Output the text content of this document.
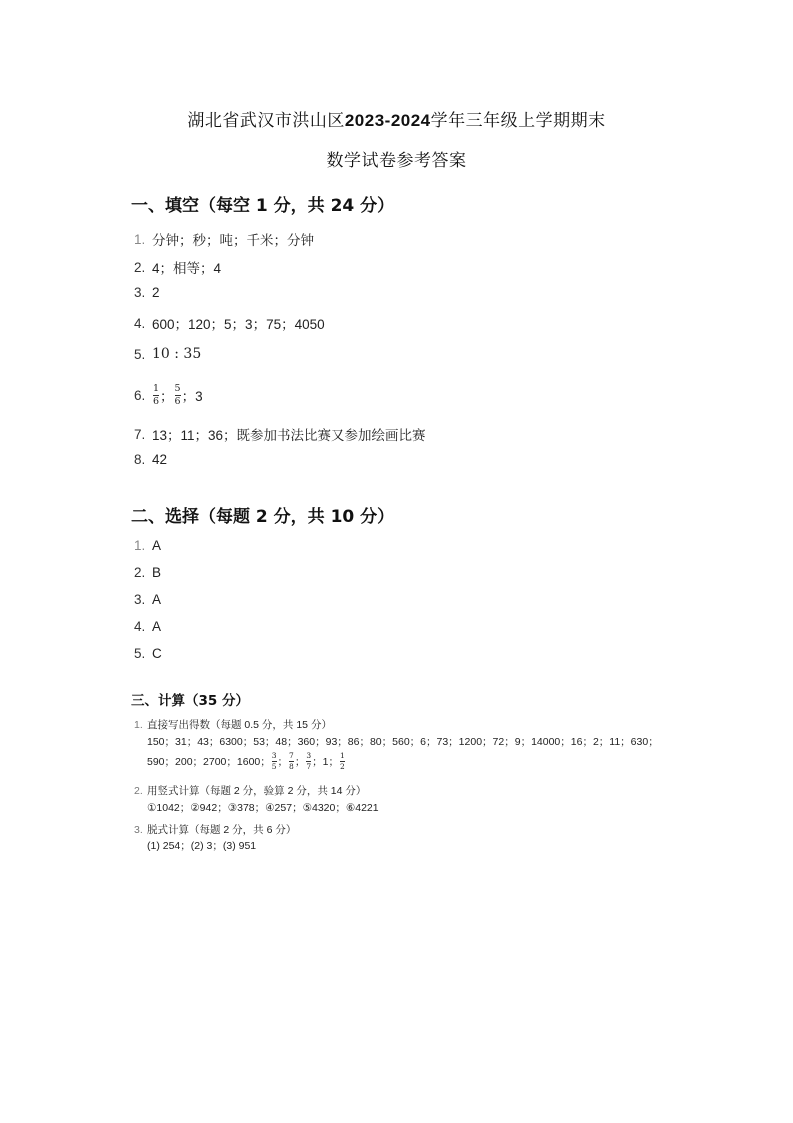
湖北省武汉市洪山区2023-2024学年三年级上学期期末
数学试卷参考答案
一、填空（每空 1 分，共 24 分）
1. 分钟；秒；吨；千米；分钟
2. 4；相等；4
3. 2
4. 600；120；5；3；75；4050
5. 10 : 35
6. $\frac{1}{6}$ ； $\frac{5}{6}$ ；3
7. 13；11；36；既参加书法比赛又参加绘画比赛
8. 42
二、选择（每题 2 分，共 10 分）
1. A
2. B
3. A
4. A
5. C
三、计算（35 分）
1. 直接写出得数（每题 0.5 分，共 15 分）
150；31；43；6300；53；48；360；93；86；80；560；6；73；1200；72；9；14000；16；2；11；630；
590；200；2700；1600； $\frac{3}{5}$ ； $\frac{7}{8}$ ； $\frac{3}{7}$ ； 1； $\frac{1}{2}$
2. 用竖式计算（每题 2 分，验算 2 分，共 14 分）
①1042；②942；③378；④257；⑤4320；⑥4221
3. 脱式计算（每题 2 分，共 6 分）
(1) 254；(2) 3；(3) 951
